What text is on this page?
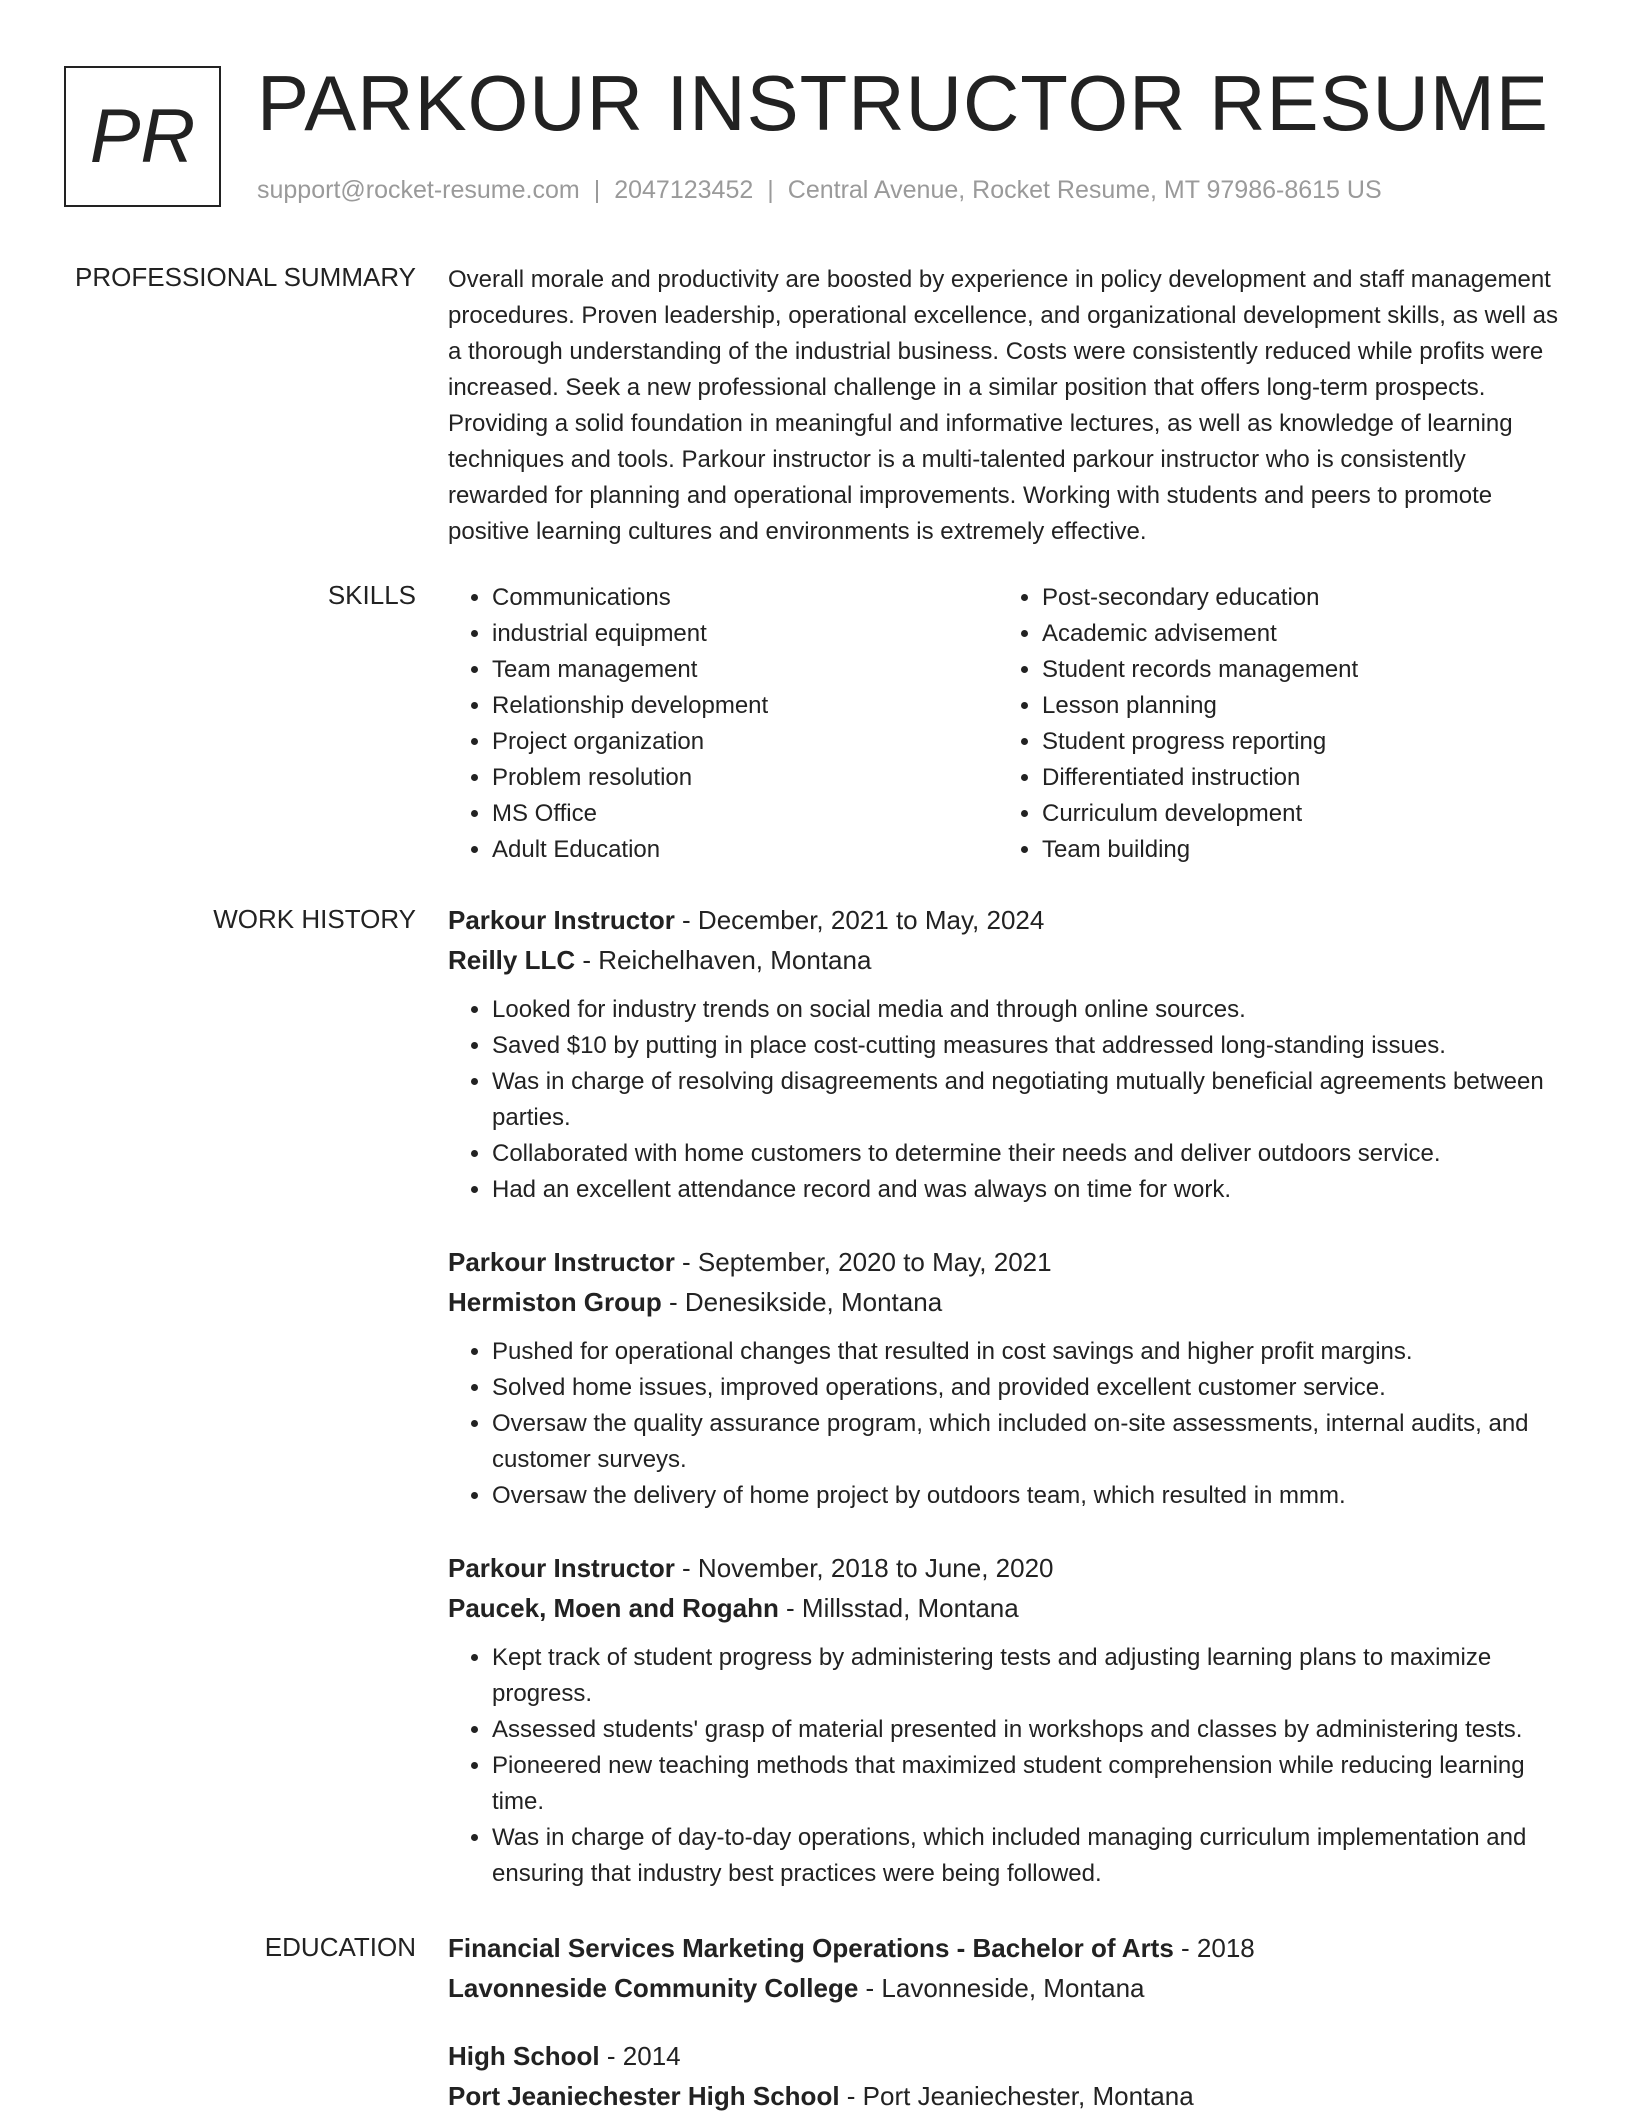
PR PARKOUR INSTRUCTOR RESUME
support@rocket-resume.com | 2047123452 | Central Avenue, Rocket Resume, MT 97986-8615 US
PROFESSIONAL SUMMARY Overall morale and productivity are boosted by experience in policy development and staff management procedures. Proven leadership, operational excellence, and organizational development skills, as well as a thorough understanding of the industrial business. Costs were consistently reduced while profits were increased. Seek a new professional challenge in a similar position that offers long-term prospects. Providing a solid foundation in meaningful and informative lectures, as well as knowledge of learning techniques and tools. Parkour instructor is a multi-talented parkour instructor who is consistently rewarded for planning and operational improvements. Working with students and peers to promote positive learning cultures and environments is extremely effective.

SKILLS
•	Communications
• industrial equipment
• Team management
• Relationship development
• Project organization
• Problem resolution
• MS Office
• Adult Education
• Post-secondary education
• Academic advisement
• Student records management
• Lesson planning
• Student progress reporting
• Differentiated instruction
• Curriculum development
• Team building
WORK HISTORY Parkour Instructor - December, 2021 to May, 2024
Reilly LLC - Reichelhaven, Montana
• Looked for industry trends on social media and through online sources.
• Saved $10 by putting in place cost-cutting measures that addressed long-standing issues.
• Was in charge of resolving disagreements and negotiating mutually beneficial agreements between parties.
• Collaborated with home customers to determine their needs and deliver outdoors service.
• Had an excellent attendance record and was always on time for work.
Parkour Instructor - September, 2020 to May, 2021
Hermiston Group - Denesikside, Montana
• Pushed for operational changes that resulted in cost savings and higher profit margins.
• Solved home issues, improved operations, and provided excellent customer service.
• Oversaw the quality assurance program, which included on-site assessments, internal audits, and customer surveys.
• Oversaw the delivery of home project by outdoors team, which resulted in mmm.
Parkour Instructor - November, 2018 to June, 2020
Paucek, Moen and Rogahn - Millsstad, Montana
• Kept track of student progress by administering tests and adjusting learning plans to maximize progress.
• Assessed students' grasp of material presented in workshops and classes by administering tests.
• Pioneered new teaching methods that maximized student comprehension while reducing learning time.
• Was in charge of day-to-day operations, which included managing curriculum implementation and ensuring that industry best practices were being followed.
EDUCATION Financial Services Marketing Operations - Bachelor of Arts - 2018
Lavonneside Community College - Lavonneside, Montana
High School - 2014
Port Jeaniechester High School - Port Jeaniechester, Montana
